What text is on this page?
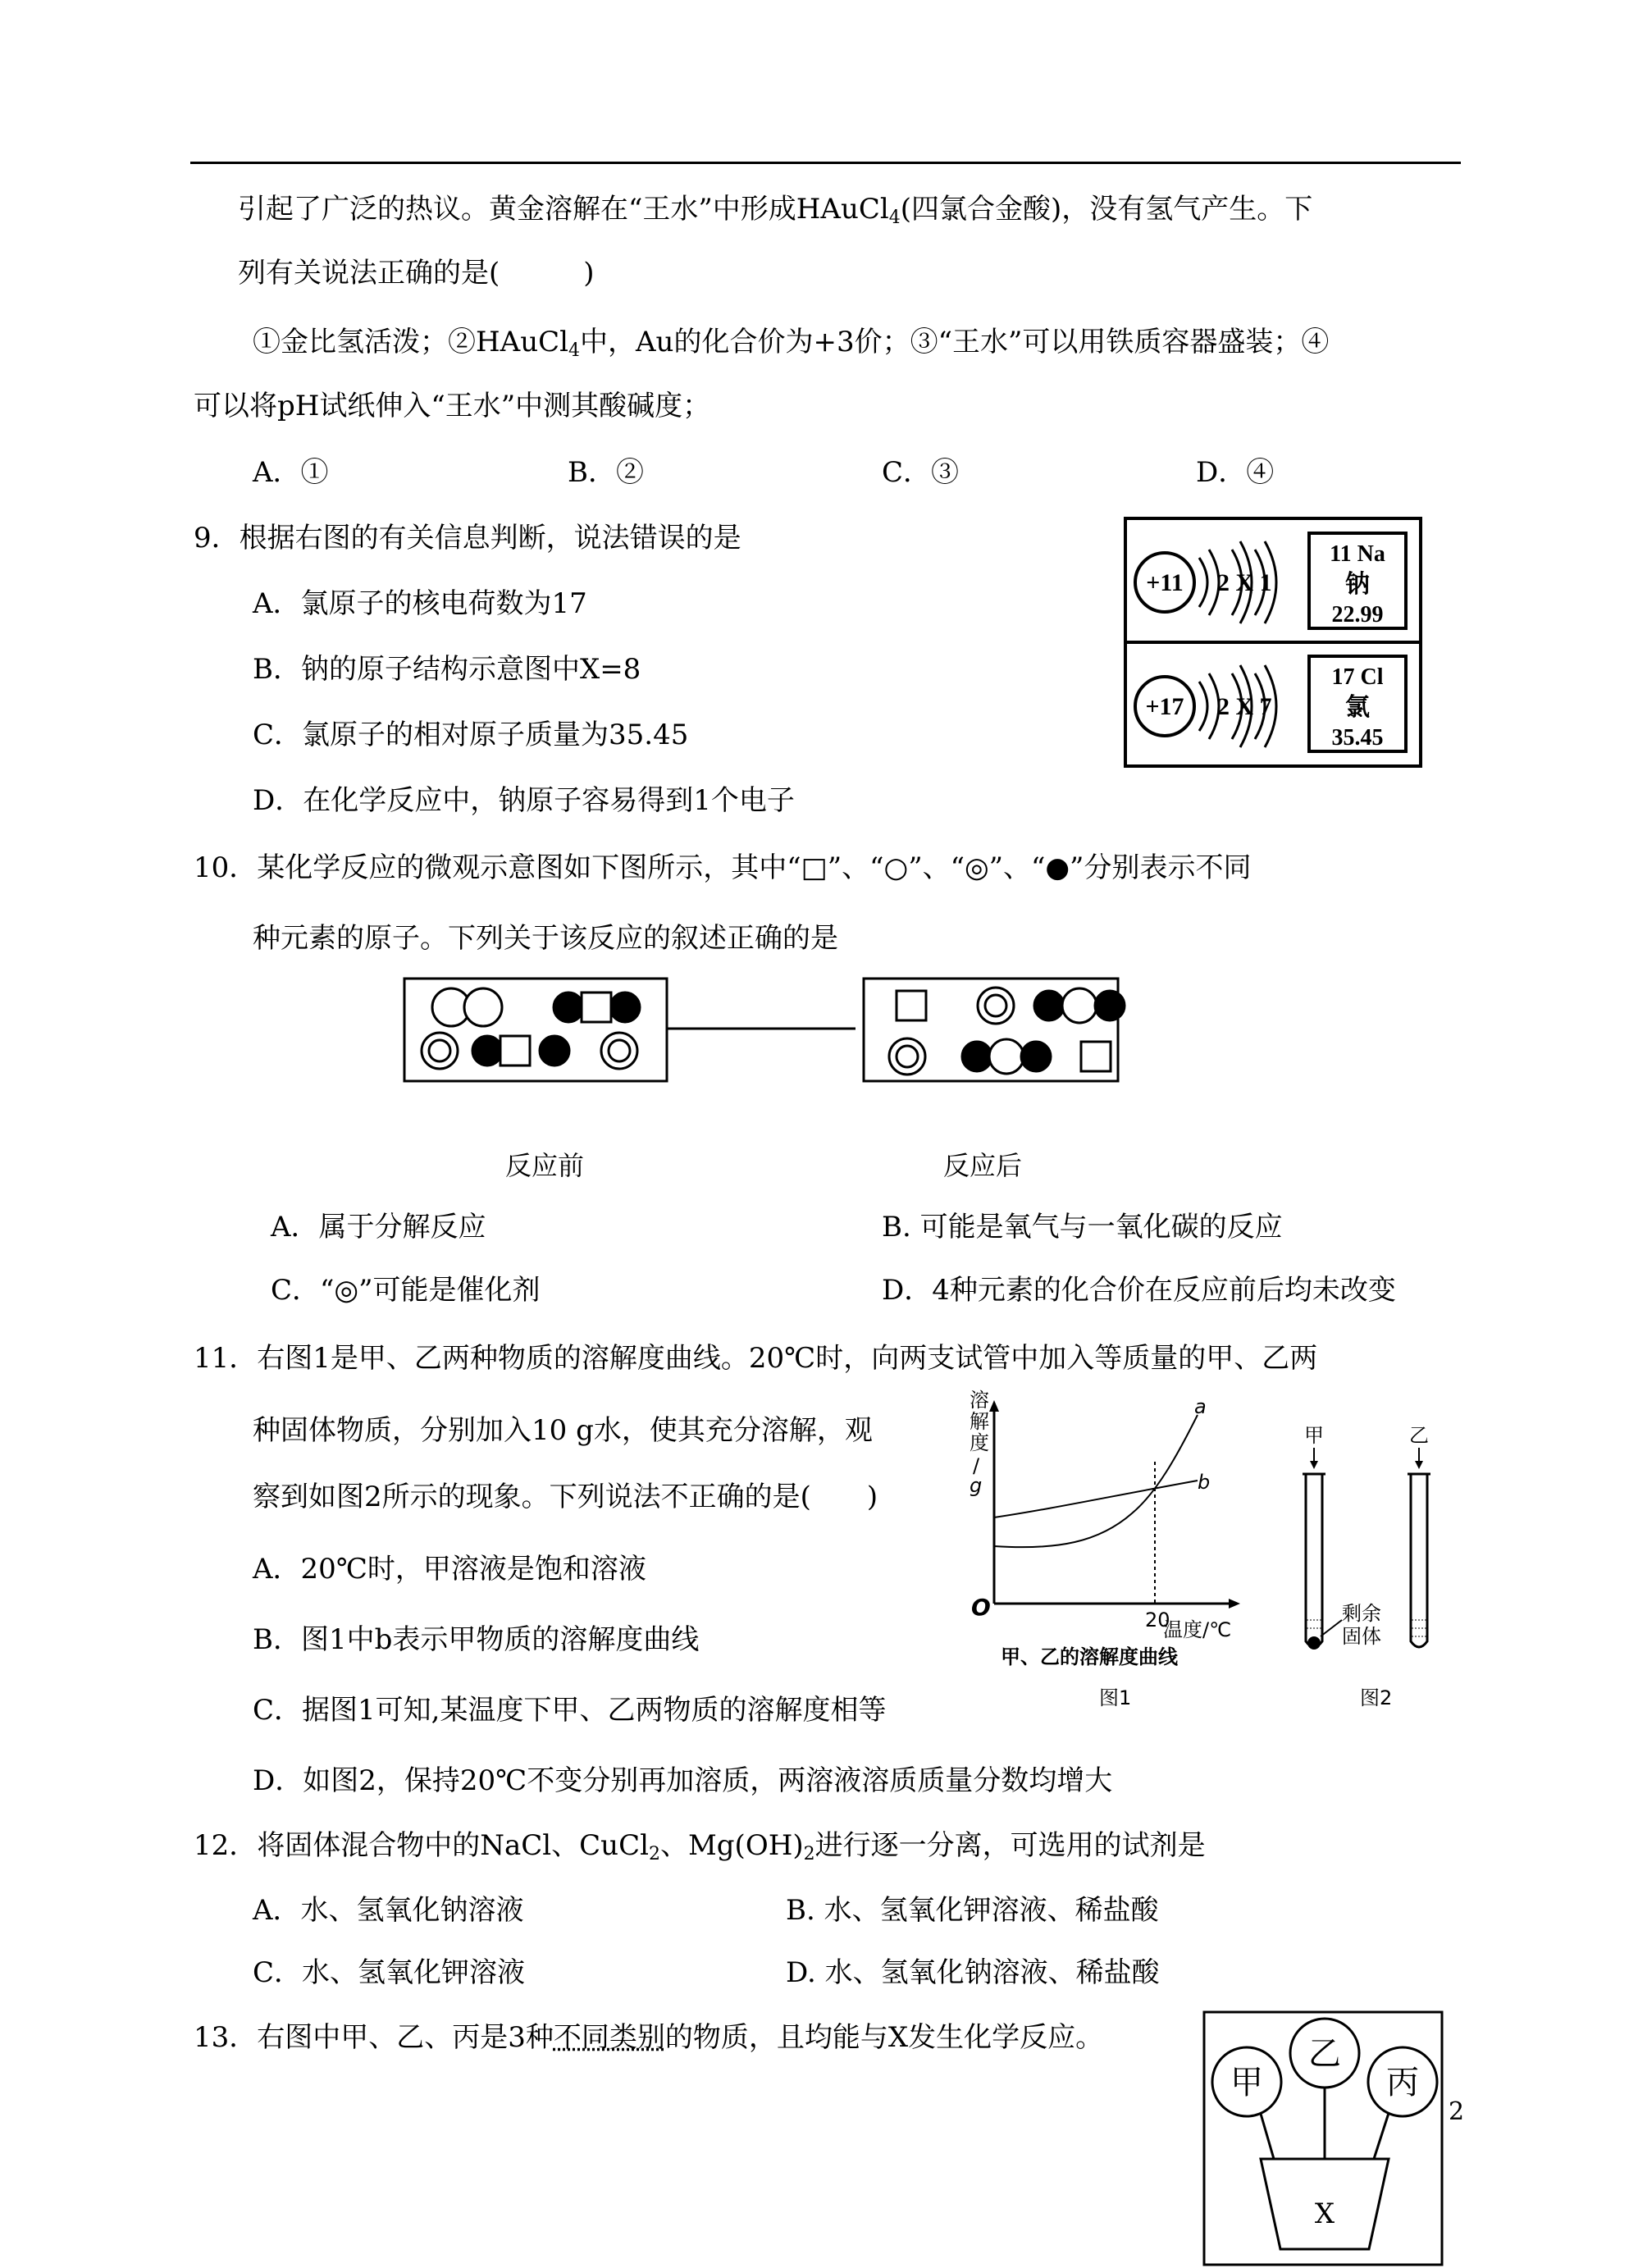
引起了广泛的热议。黄金溶解在“王水”中形成HAuCl$_4$(四氯合金酸)，没有氢气产生。下
列有关说法正确的是(　　　)
①金比氢活泼；②HAuCl$_4$中，Au的化合价为+3价；③“王水”可以用铁质容器盛装；④
可以将pH试纸伸入“王水”中测其酸碱度；
A．①	B．②	C．③	D．④
9．根据右图的有关信息判断，说法错误的是
A．氯原子的核电荷数为17
B．钠的原子结构示意图中X=8
C．氯原子的相对原子质量为35.45
D．在化学反应中，钠原子容易得到1个电子
+11 2 X 1
11 Na
钠
22.99
+17 2 X 7
17 Cl
氯
35.45
10．某化学反应的微观示意图如下图所示，其中“□”、“○”、“◎”、“●”分别表示不同
种元素的原子。下列关于该反应的叙述正确的是
反应前	反应后
A．属于分解反应	B. 可能是氧气与一氧化碳的反应
C．“◎”可能是催化剂	D．4种元素的化合价在反应前后均未改变
11．右图1是甲、乙两种物质的溶解度曲线。20℃时，向两支试管中加入等质量的甲、乙两
种固体物质，分别加入10 g水，使其充分溶解，观
察到如图2所示的现象。下列说法不正确的是(　　)
A．20℃时，甲溶液是饱和溶液
B．图1中b表示甲物质的溶解度曲线
C．据图1可知,某温度下甲、乙两物质的溶解度相等
D．如图2，保持20℃不变分别再加溶质，两溶液溶质质量分数均增大
溶
解
度
/
g
O	20
温度/℃
a
b
甲、乙的溶解度曲线
图1
甲	乙
剩余
固体
图2
12．将固体混合物中的NaCl、CuCl$_2$、$Mg(OH)_2$进行逐一分离，可选用的试剂是
A．水、氢氧化钠溶液	B. 水、氢氧化钾溶液、稀盐酸
C．水、氢氧化钾溶液	D. 水、氢氧化钠溶液、稀盐酸
13．右图中甲、乙、丙是3种不同类别的物质，且均能与X发生化学反应。
甲
乙
丙
X
2
